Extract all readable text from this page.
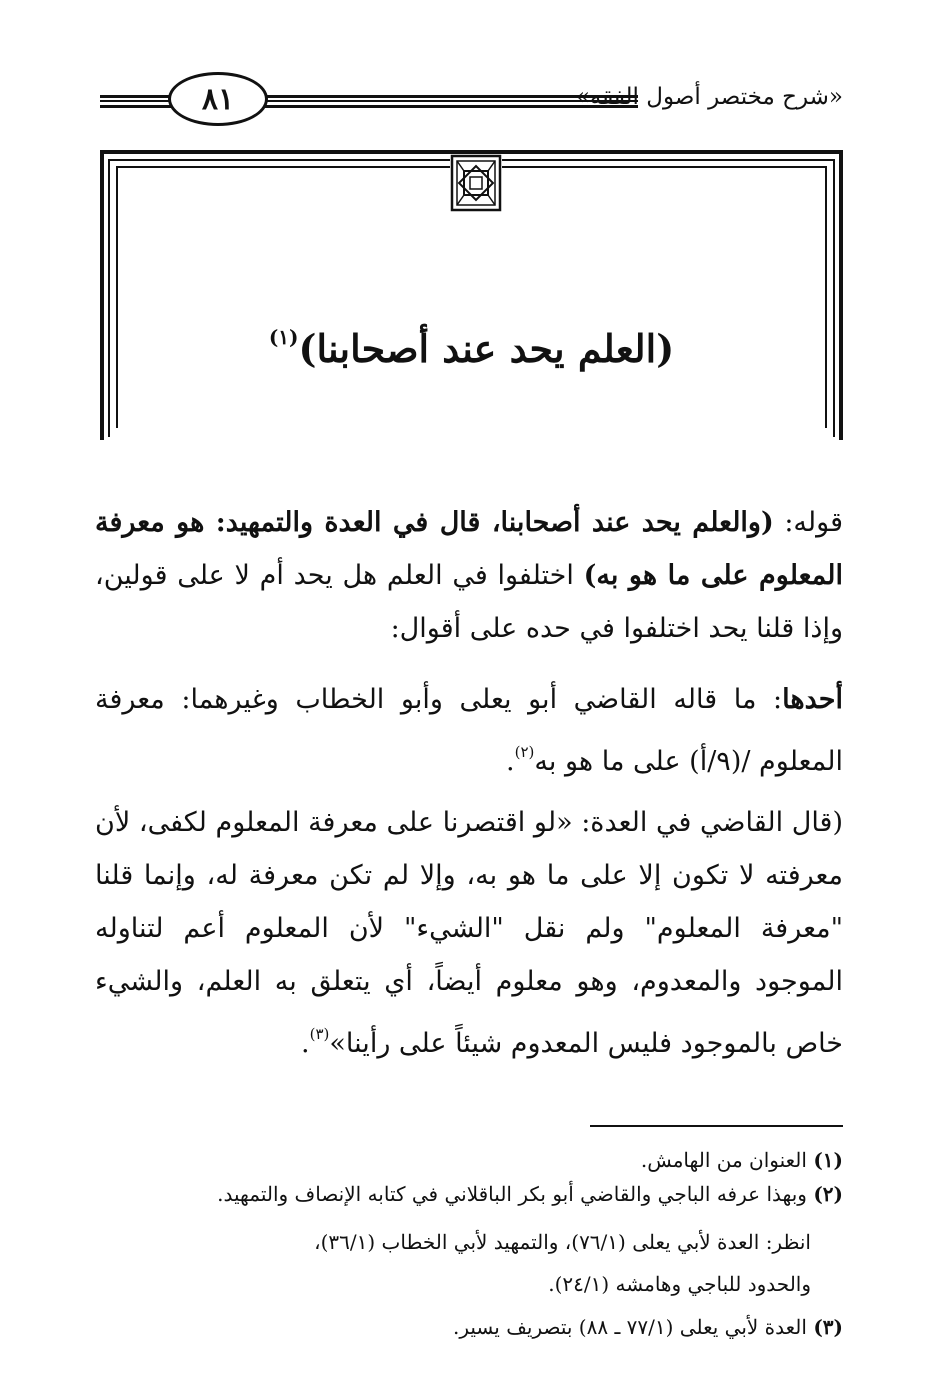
٨١	«شرح مختصر أصول الفقه»
(العلم يحد عند أصحابنا)$^{(١)}$
قوله: (والعلم يحد عند أصحابنا، قال في العدة والتمهيد: هو معرفة المعلوم على ما هو به) اختلفوا في العلم هل يحد أم لا على قولين، وإذا قلنا يحد اختلفوا في حده على أقوال:
أحدها: ما قاله القاضي أبو يعلى وأبو الخطاب وغيرهما: معرفة المعلوم /(٩/أ) على ما هو به$^{(٢)}$.
(قال القاضي في العدة: «لو اقتصرنا على معرفة المعلوم لكفى، لأن معرفته لا تكون إلا على ما هو به، وإلا لم تكن معرفة له، وإنما قلنا "معرفة المعلوم" ولم نقل "الشيء" لأن المعلوم أعم لتناوله الموجود والمعدوم، وهو معلوم أيضاً، أي يتعلق به العلم، والشيء خاص بالموجود فليس المعدوم شيئاً على رأينا»$^{(٣)}$.
(١) العنوان من الهامش.
(٢) وبهذا عرفه الباجي والقاضي أبو بكر الباقلاني في كتابه الإنصاف والتمهيد.
انظر: العدة لأبي يعلى (٧٦/١)، والتمهيد لأبي الخطاب (٣٦/١)،
والحدود للباجي وهامشه (٢٤/١).
(٣) العدة لأبي يعلى (٧٧/١ ـ ٨٨) بتصريف يسير.
